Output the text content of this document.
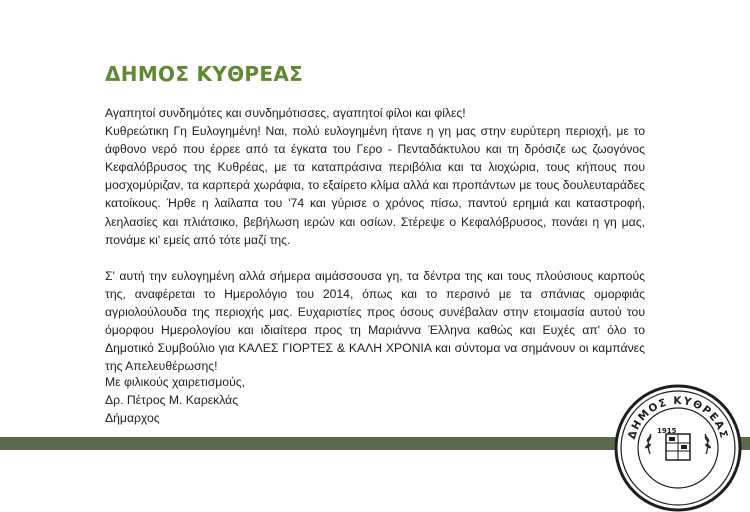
ΔΗΜΟΣ ΚΥΘΡΕΑΣ

Αγαπητοί συνδημότες και συνδημότισσες, αγαπητοί φίλοι και φίλες!

Κυθρεώτικη Γη Ευλογημένη! Ναι, πολύ ευλογημένη ήτανε η γη μας στην ευρύτερη περιοχή, με το άφθονο νερό που έρρεε από τα έγκατα του Γερο - Πενταδάκτυλου και τη δρόσιζε ως ζωογόνος Κεφαλόβρυσος της Κυθρέας, με τα καταπράσινα περιβόλια και τα λιοχώρια, τους κήπους που μοσχομύριζαν, τα καρπερά χωράφια, το εξαίρετο κλίμα αλλά και προπάντων με τους δουλευταράδες κατοίκους. Ήρθε η λαίλαπα του '74 και γύρισε ο χρόνος πίσω, παντού ερημιά και καταστροφή, λεηλασίες και πλιάτσικο, βεβήλωση ιερών και οσίων. Στέρεψε ο Κεφαλόβρυσος, πονάει η γη μας, πονάμε κι' εμείς από τότε μαζί της.

Σ' αυτή την ευλογημένη αλλά σήμερα αιμάσσουσα γη, τα δέντρα της και τους πλούσιους καρπούς της, αναφέρεται το Ημερολόγιο του 2014, όπως και το περσινό με τα σπάνιας ομορφιάς αγριολούλουδα της περιοχής μας. Ευχαριστίες προς όσους συνέβαλαν στην ετοιμασία αυτού του όμορφου Ημερολογίου και ιδιαίτερα προς τη Μαριάννα Έλληνα καθώς και Ευχές απ' όλο το Δημοτικό Συμβούλιο για ΚΑΛΕΣ ΓΙΟΡΤΕΣ & ΚΑΛΗ ΧΡΟΝΙΑ και σύντομα να σημάνουν οι καμπάνες της Απελευθέρωσης!

Με φιλικούς χαιρετισμούς,
Δρ. Πέτρος Μ. Καρεκλάς
Δήμαρχος
ΔΗΜΟΣ ΚΥΘΡΕΑΣ
1915
